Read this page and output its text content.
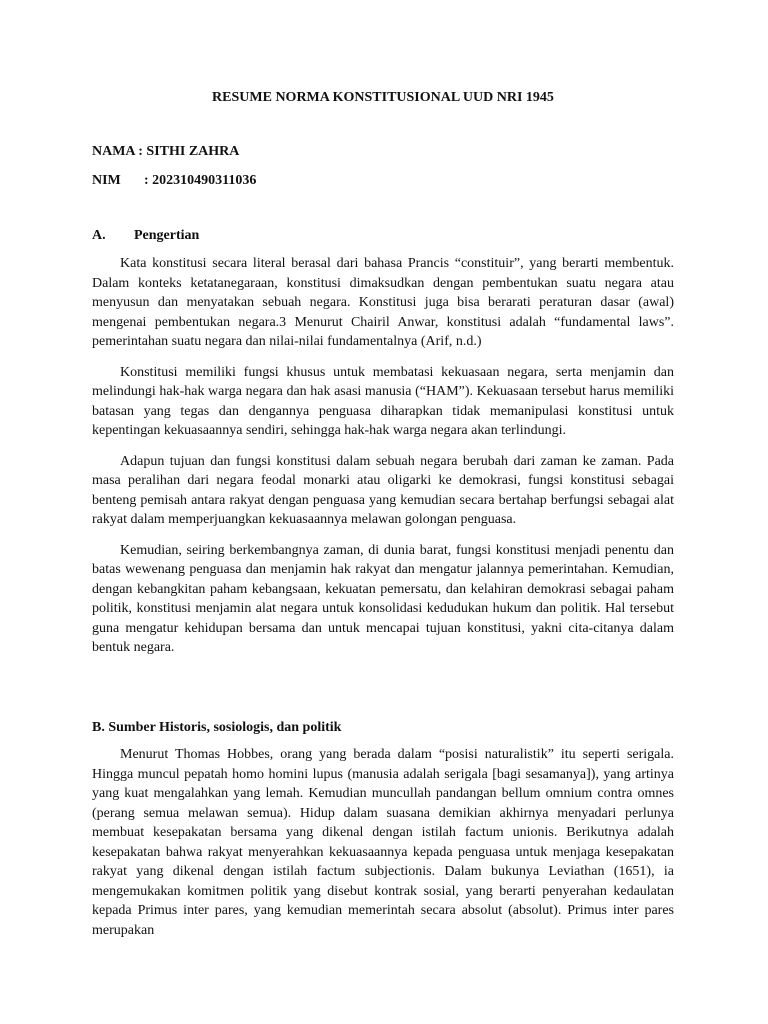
RESUME NORMA KONSTITUSIONAL UUD NRI 1945

NAMA : SITHI ZAHRA

NIM : 202310490311036

A. Pengertian

Kata konstitusi secara literal berasal dari bahasa Prancis “constituir”, yang berarti membentuk. Dalam konteks ketatanegaraan, konstitusi dimaksudkan dengan pembentukan suatu negara atau menyusun dan menyatakan sebuah negara. Konstitusi juga bisa berarati peraturan dasar (awal) mengenai pembentukan negara.3 Menurut Chairil Anwar, konstitusi adalah “fundamental laws”. pemerintahan suatu negara dan nilai-nilai fundamentalnya (Arif, n.d.)

Konstitusi memiliki fungsi khusus untuk membatasi kekuasaan negara, serta menjamin dan melindungi hak-hak warga negara dan hak asasi manusia (“HAM”). Kekuasaan tersebut harus memiliki batasan yang tegas dan dengannya penguasa diharapkan tidak memanipulasi konstitusi untuk kepentingan kekuasaannya sendiri, sehingga hak-hak warga negara akan terlindungi.

Adapun tujuan dan fungsi konstitusi dalam sebuah negara berubah dari zaman ke zaman. Pada masa peralihan dari negara feodal monarki atau oligarki ke demokrasi, fungsi konstitusi sebagai benteng pemisah antara rakyat dengan penguasa yang kemudian secara bertahap berfungsi sebagai alat rakyat dalam memperjuangkan kekuasaannya melawan golongan penguasa.

Kemudian, seiring berkembangnya zaman, di dunia barat, fungsi konstitusi menjadi penentu dan batas wewenang penguasa dan menjamin hak rakyat dan mengatur jalannya pemerintahan. Kemudian, dengan kebangkitan paham kebangsaan, kekuatan pemersatu, dan kelahiran demokrasi sebagai paham politik, konstitusi menjamin alat negara untuk konsolidasi kedudukan hukum dan politik. Hal tersebut guna mengatur kehidupan bersama dan untuk mencapai tujuan konstitusi, yakni cita-citanya dalam bentuk negara.

B. Sumber Historis, sosiologis, dan politik

Menurut Thomas Hobbes, orang yang berada dalam “posisi naturalistik” itu seperti serigala. Hingga muncul pepatah homo homini lupus (manusia adalah serigala [bagi sesamanya]), yang artinya yang kuat mengalahkan yang lemah. Kemudian muncullah pandangan bellum omnium contra omnes (perang semua melawan semua). Hidup dalam suasana demikian akhirnya menyadari perlunya membuat kesepakatan bersama yang dikenal dengan istilah factum unionis. Berikutnya adalah kesepakatan bahwa rakyat menyerahkan kekuasaannya kepada penguasa untuk menjaga kesepakatan rakyat yang dikenal dengan istilah factum subjectionis. Dalam bukunya Leviathan (1651), ia mengemukakan komitmen politik yang disebut kontrak sosial, yang berarti penyerahan kedaulatan kepada Primus inter pares, yang kemudian memerintah secara absolut (absolut). Primus inter pares merupakan
